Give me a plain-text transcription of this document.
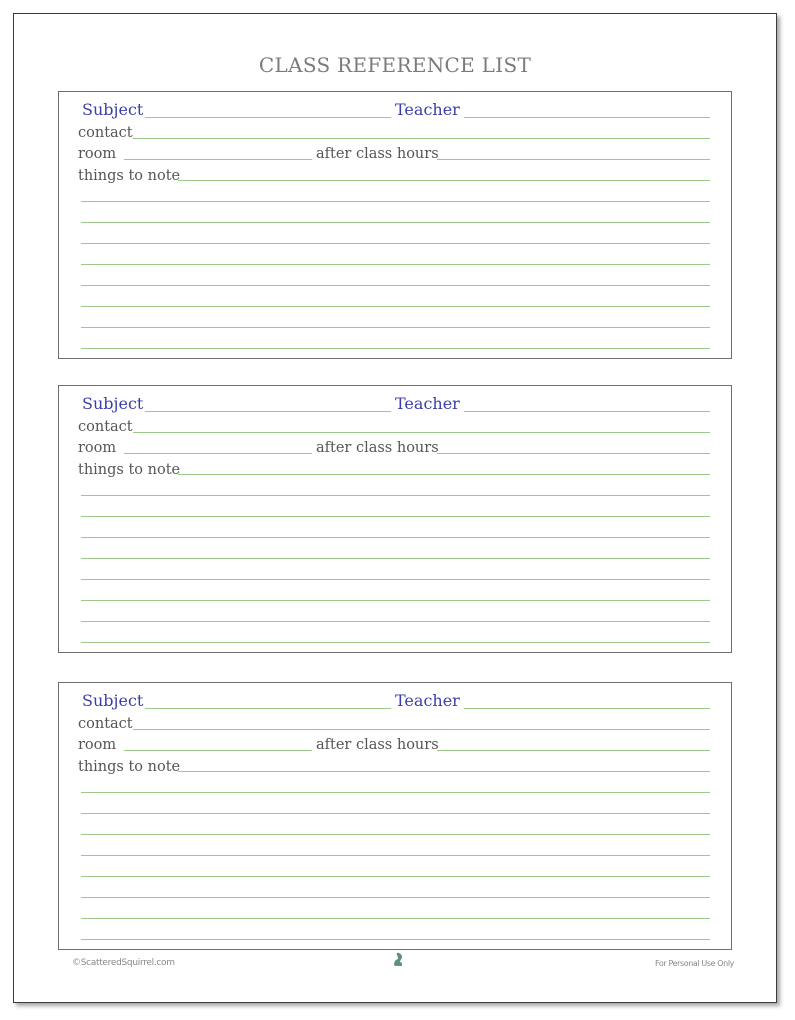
CLASS REFERENCE LIST
Subject	Teacher
contact
room	after class hours
things to note
Subject	Teacher
contact
room	after class hours
things to note
Subject	Teacher
contact
room	after class hours
things to note
©ScatteredSquirrel.com	For Personal Use Only
